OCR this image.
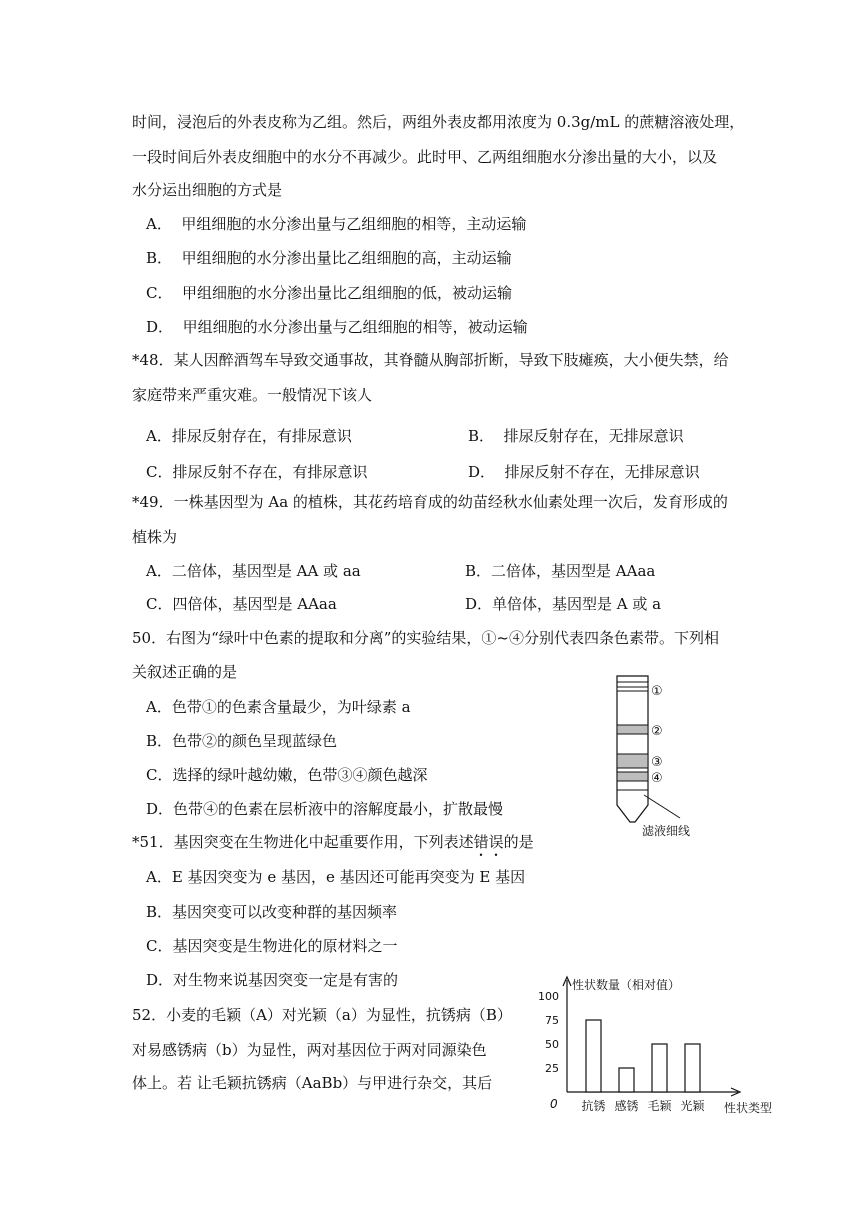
时间，浸泡后的外表皮称为乙组。然后，两组外表皮都用浓度为 0.3g/mL 的蔗糖溶液处理，
一段时间后外表皮细胞中的水分不再减少。此时甲、乙两组细胞水分渗出量的大小，以及
水分运出细胞的方式是
A． 甲组细胞的水分渗出量与乙组细胞的相等，主动运输
B． 甲组细胞的水分渗出量比乙组细胞的高，主动运输
C． 甲组细胞的水分渗出量比乙组细胞的低，被动运输
D． 甲组细胞的水分渗出量与乙组细胞的相等，被动运输
*48．某人因醉酒驾车导致交通事故，其脊髓从胸部折断，导致下肢瘫痪，大小便失禁，给
家庭带来严重灾难。一般情况下该人
A．排尿反射存在，有排尿意识	B． 排尿反射存在，无排尿意识
C．排尿反射不存在，有排尿意识	D． 排尿反射不存在，无排尿意识
*49．一株基因型为 Aa 的植株，其花药培育成的幼苗经秋水仙素处理一次后，发育形成的
植株为
A．二倍体，基因型是 AA 或 aa	B．二倍体，基因型是 AAaa
C．四倍体，基因型是 AAaa	D．单倍体，基因型是 A 或 a
50．右图为“绿叶中色素的提取和分离”的实验结果，①~④分别代表四条色素带。下列相
关叙述正确的是
A．色带①的色素含量最少，为叶绿素 a
B．色带②的颜色呈现蓝绿色
C．选择的绿叶越幼嫩，色带③④颜色越深
D．色带④的色素在层析液中的溶解度最小，扩散最慢
①
②
③
④
滤液细线
*51．基因突变在生物进化中起重要作用，下列表述错误的是
A．E 基因突变为 e 基因，e 基因还可能再突变为 E 基因
B．基因突变可以改变种群的基因频率
C．基因突变是生物进化的原材料之一
D．对生物来说基因突变一定是有害的
52．小麦的毛颖（A）对光颖（a）为显性，抗锈病（B）
对易感锈病（b）为显性，两对基因位于两对同源染色
体上。若 让毛颖抗锈病（AaBb）与甲进行杂交，其后
性状数量（相对值）
性状类型
0
100
75
50
25
抗锈 感锈 毛颖 光颖
